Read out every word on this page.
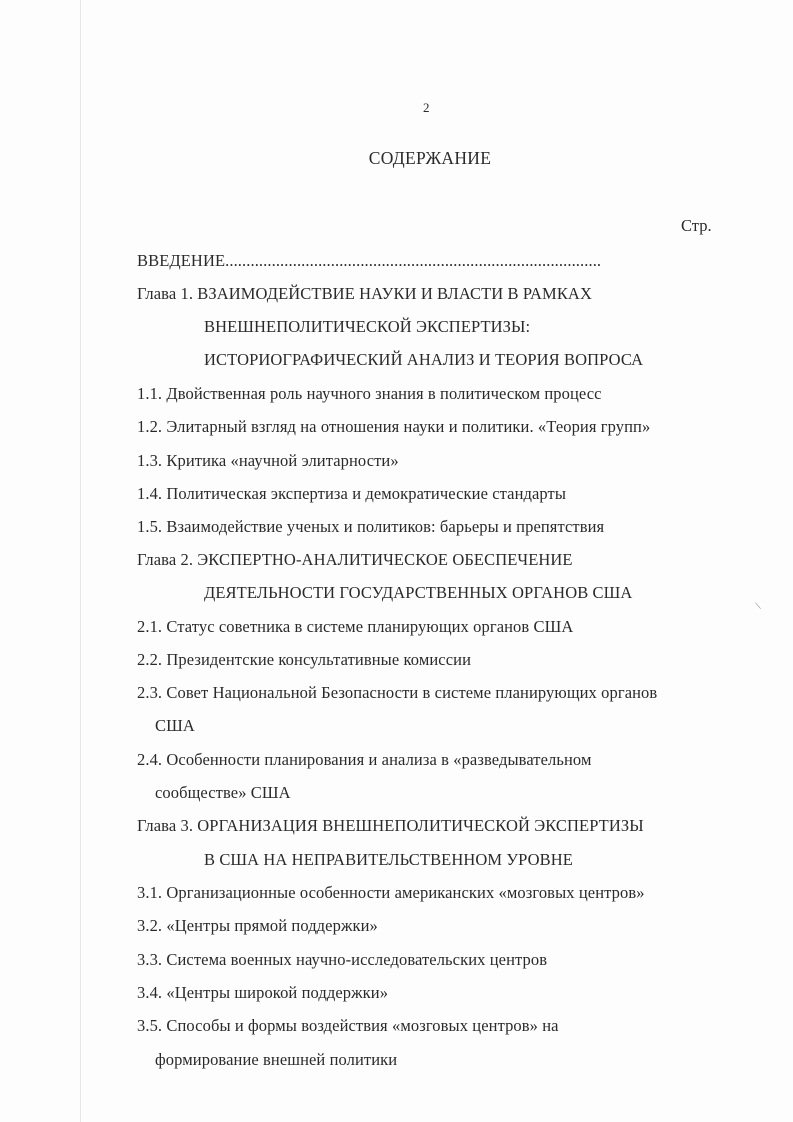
2
СОДЕРЖАНИЕ
Стр.
ВВЕДЕНИЕ.........................................................................................
Глава 1. ВЗАИМОДЕЙСТВИЕ НАУКИ И ВЛАСТИ В РАМКАХ
ВНЕШНЕПОЛИТИЧЕСКОЙ ЭКСПЕРТИЗЫ:
ИСТОРИОГРАФИЧЕСКИЙ АНАЛИЗ И ТЕОРИЯ ВОПРОСА
1.1. Двойственная роль научного знания в политическом процесс
1.2. Элитарный взгляд на отношения науки и политики. «Теория групп»
1.3. Критика «научной элитарности»
1.4. Политическая экспертиза и демократические стандарты
1.5. Взаимодействие ученых и политиков: барьеры и препятствия
Глава 2. ЭКСПЕРТНО-АНАЛИТИЧЕСКОЕ ОБЕСПЕЧЕНИЕ
ДЕЯТЕЛЬНОСТИ ГОСУДАРСТВЕННЫХ ОРГАНОВ США
2.1. Статус советника в системе планирующих органов США
2.2. Президентские консультативные комиссии
2.3. Совет Национальной Безопасности в системе планирующих органов
США
2.4. Особенности планирования и анализа в «разведывательном
сообществе» США
Глава 3. ОРГАНИЗАЦИЯ ВНЕШНЕПОЛИТИЧЕСКОЙ ЭКСПЕРТИЗЫ
В США НА НЕПРАВИТЕЛЬСТВЕННОМ УРОВНЕ
3.1. Организационные особенности американских «мозговых центров»
3.2. «Центры прямой поддержки»
3.3. Система военных научно-исследовательских центров
3.4. «Центры широкой поддержки»
3.5. Способы и формы воздействия «мозговых центров» на
формирование внешней политики
/
